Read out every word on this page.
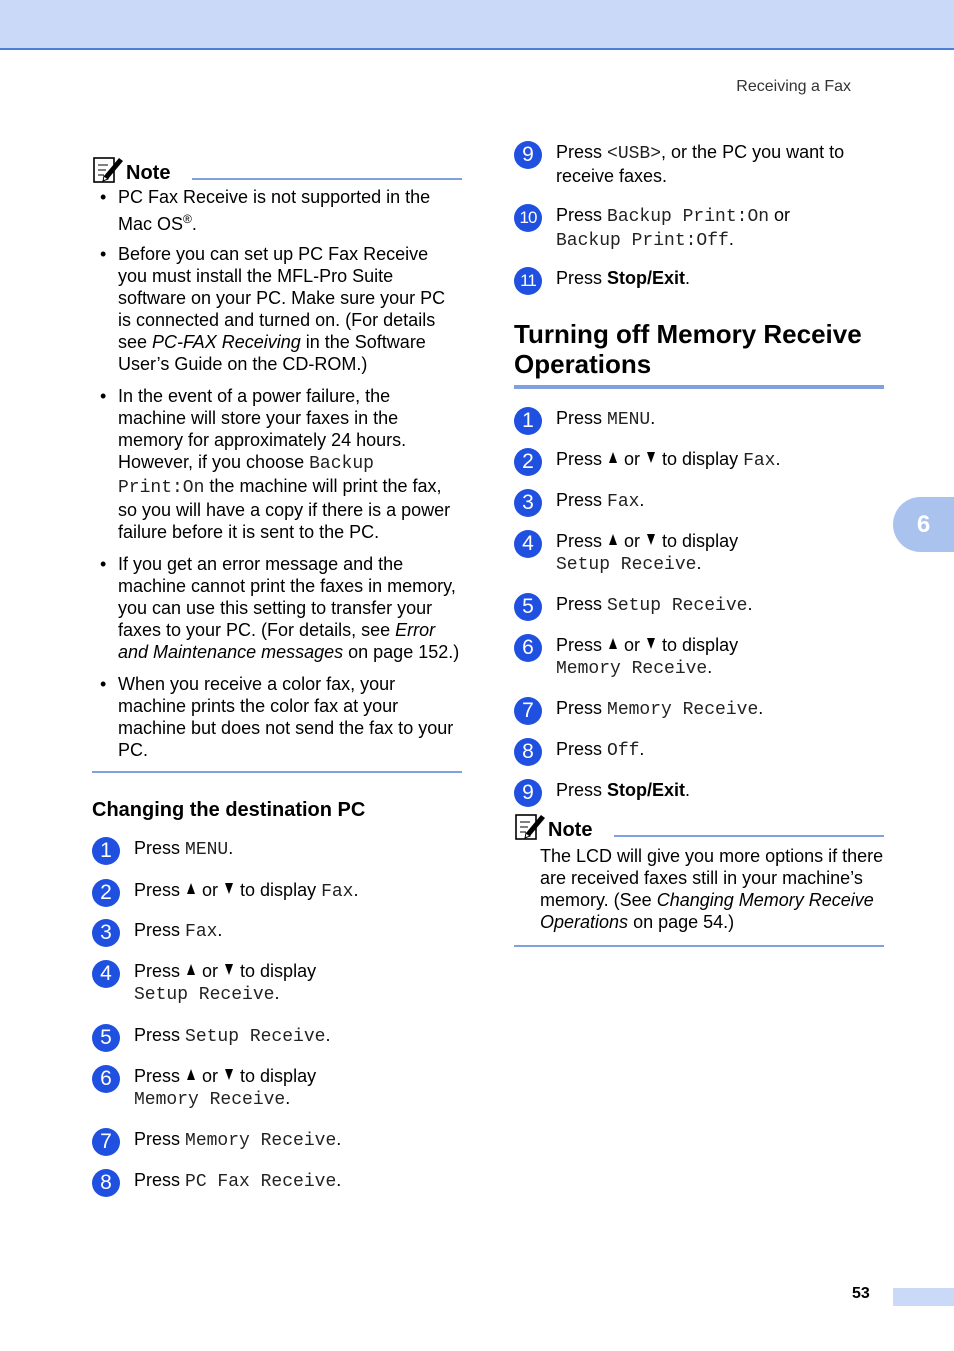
Receiving a Fax
6
53
Note
• PC Fax Receive is not supported in the Mac OS®.
• Before you can set up PC Fax Receive you must install the MFL-Pro Suite software on your PC. Make sure your PC is connected and turned on. (For details see PC-FAX Receiving in the Software User’s Guide on the CD-ROM.)
• In the event of a power failure, the machine will store your faxes in the memory for approximately 24 hours. However, if you choose Backup Print:On the machine will print the fax, so you will have a copy if there is a power failure before it is sent to the PC.
• If you get an error message and the machine cannot print the faxes in memory, you can use this setting to transfer your faxes to your PC. (For details, see Error and Maintenance messages on page 152.)
• When you receive a color fax, your machine prints the color fax at your machine but does not send the fax to your PC.
Changing the destination PC
1	Press MENU.
2	Press  or  to display Fax.
3	Press Fax.
4	Press  or  to display
Setup Receive.
5	Press Setup Receive.
6	Press  or  to display
Memory Receive.
7	Press Memory Receive.
8	Press PC Fax Receive.
9	Press <USB>, or the PC you want to receive faxes.
10	Press Backup Print:On or
Backup Print:Off.
11	Press Stop/Exit.
Turning off Memory Receive Operations
1	Press MENU.
2	Press  or  to display Fax.
3	Press Fax.
4	Press  or  to display
Setup Receive.
5	Press Setup Receive.
6	Press  or  to display
Memory Receive.
7	Press Memory Receive.
8	Press Off.
9	Press Stop/Exit.
Note

The LCD will give you more options if there are received faxes still in your machine’s memory. (See Changing Memory Receive Operations on page 54.)
